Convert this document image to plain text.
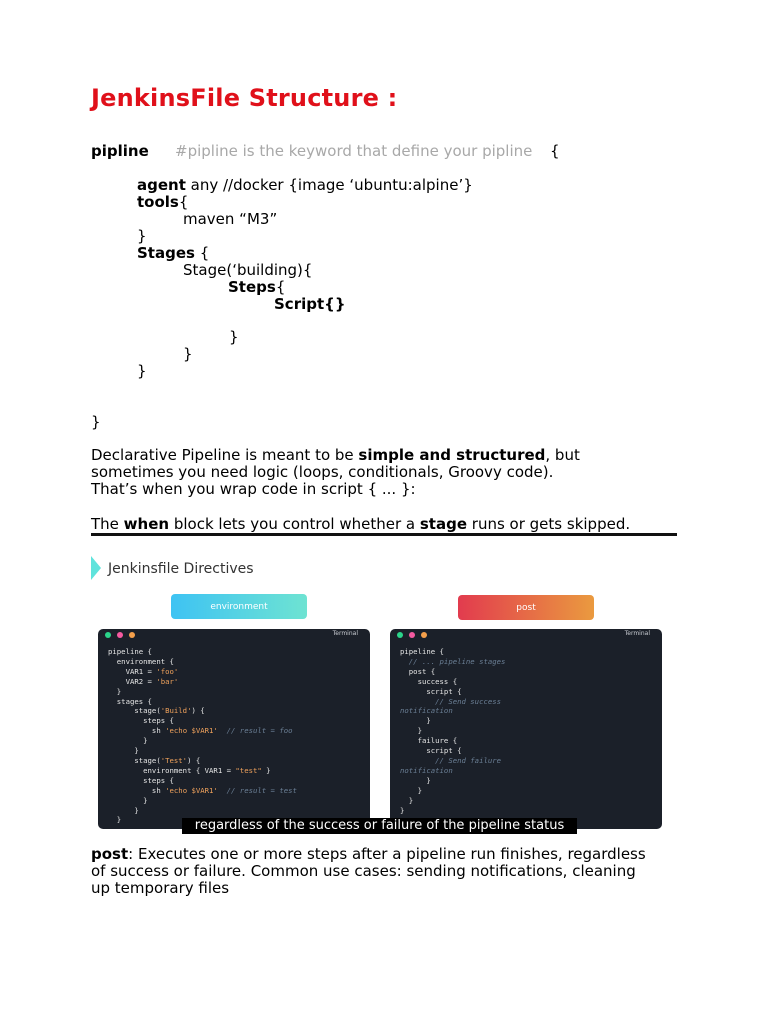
JenkinsFile Structure :
pipline #pipline is the keyword that define your pipline {
agent any //docker {image ‘ubuntu:alpine’}
tools{
maven “M3”
}
Stages {
Stage(‘building){
Steps{
Script{}
}
}
}
}
Declarative Pipeline is meant to be simple and structured, but
sometimes you need logic (loops, conditionals, Groovy code).
That’s when you wrap code in script { ... }:
The when block lets you control whether a stage runs or gets skipped.
Jenkinsfile Directives
environment	post
Terminal
pipeline {
environment {
VAR1 = 'foo'
VAR2 = 'bar'
}
stages {
stage('Build') {
steps {
sh 'echo $VAR1'  // result = foo
}
}
stage('Test') {
environment { VAR1 = "test" }
steps {
sh 'echo $VAR1'  // result = test
}
}
}
Terminal
pipeline {
// ... pipeline stages
post {
success {
script {
// Send success
notification
}
}
failure {
script {
// Send failure
notification
}
}
}
}
regardless of the success or failure of the pipeline status
post: Executes one or more steps after a pipeline run finishes, regardless
of success or failure. Common use cases: sending notifications, cleaning
up temporary files
